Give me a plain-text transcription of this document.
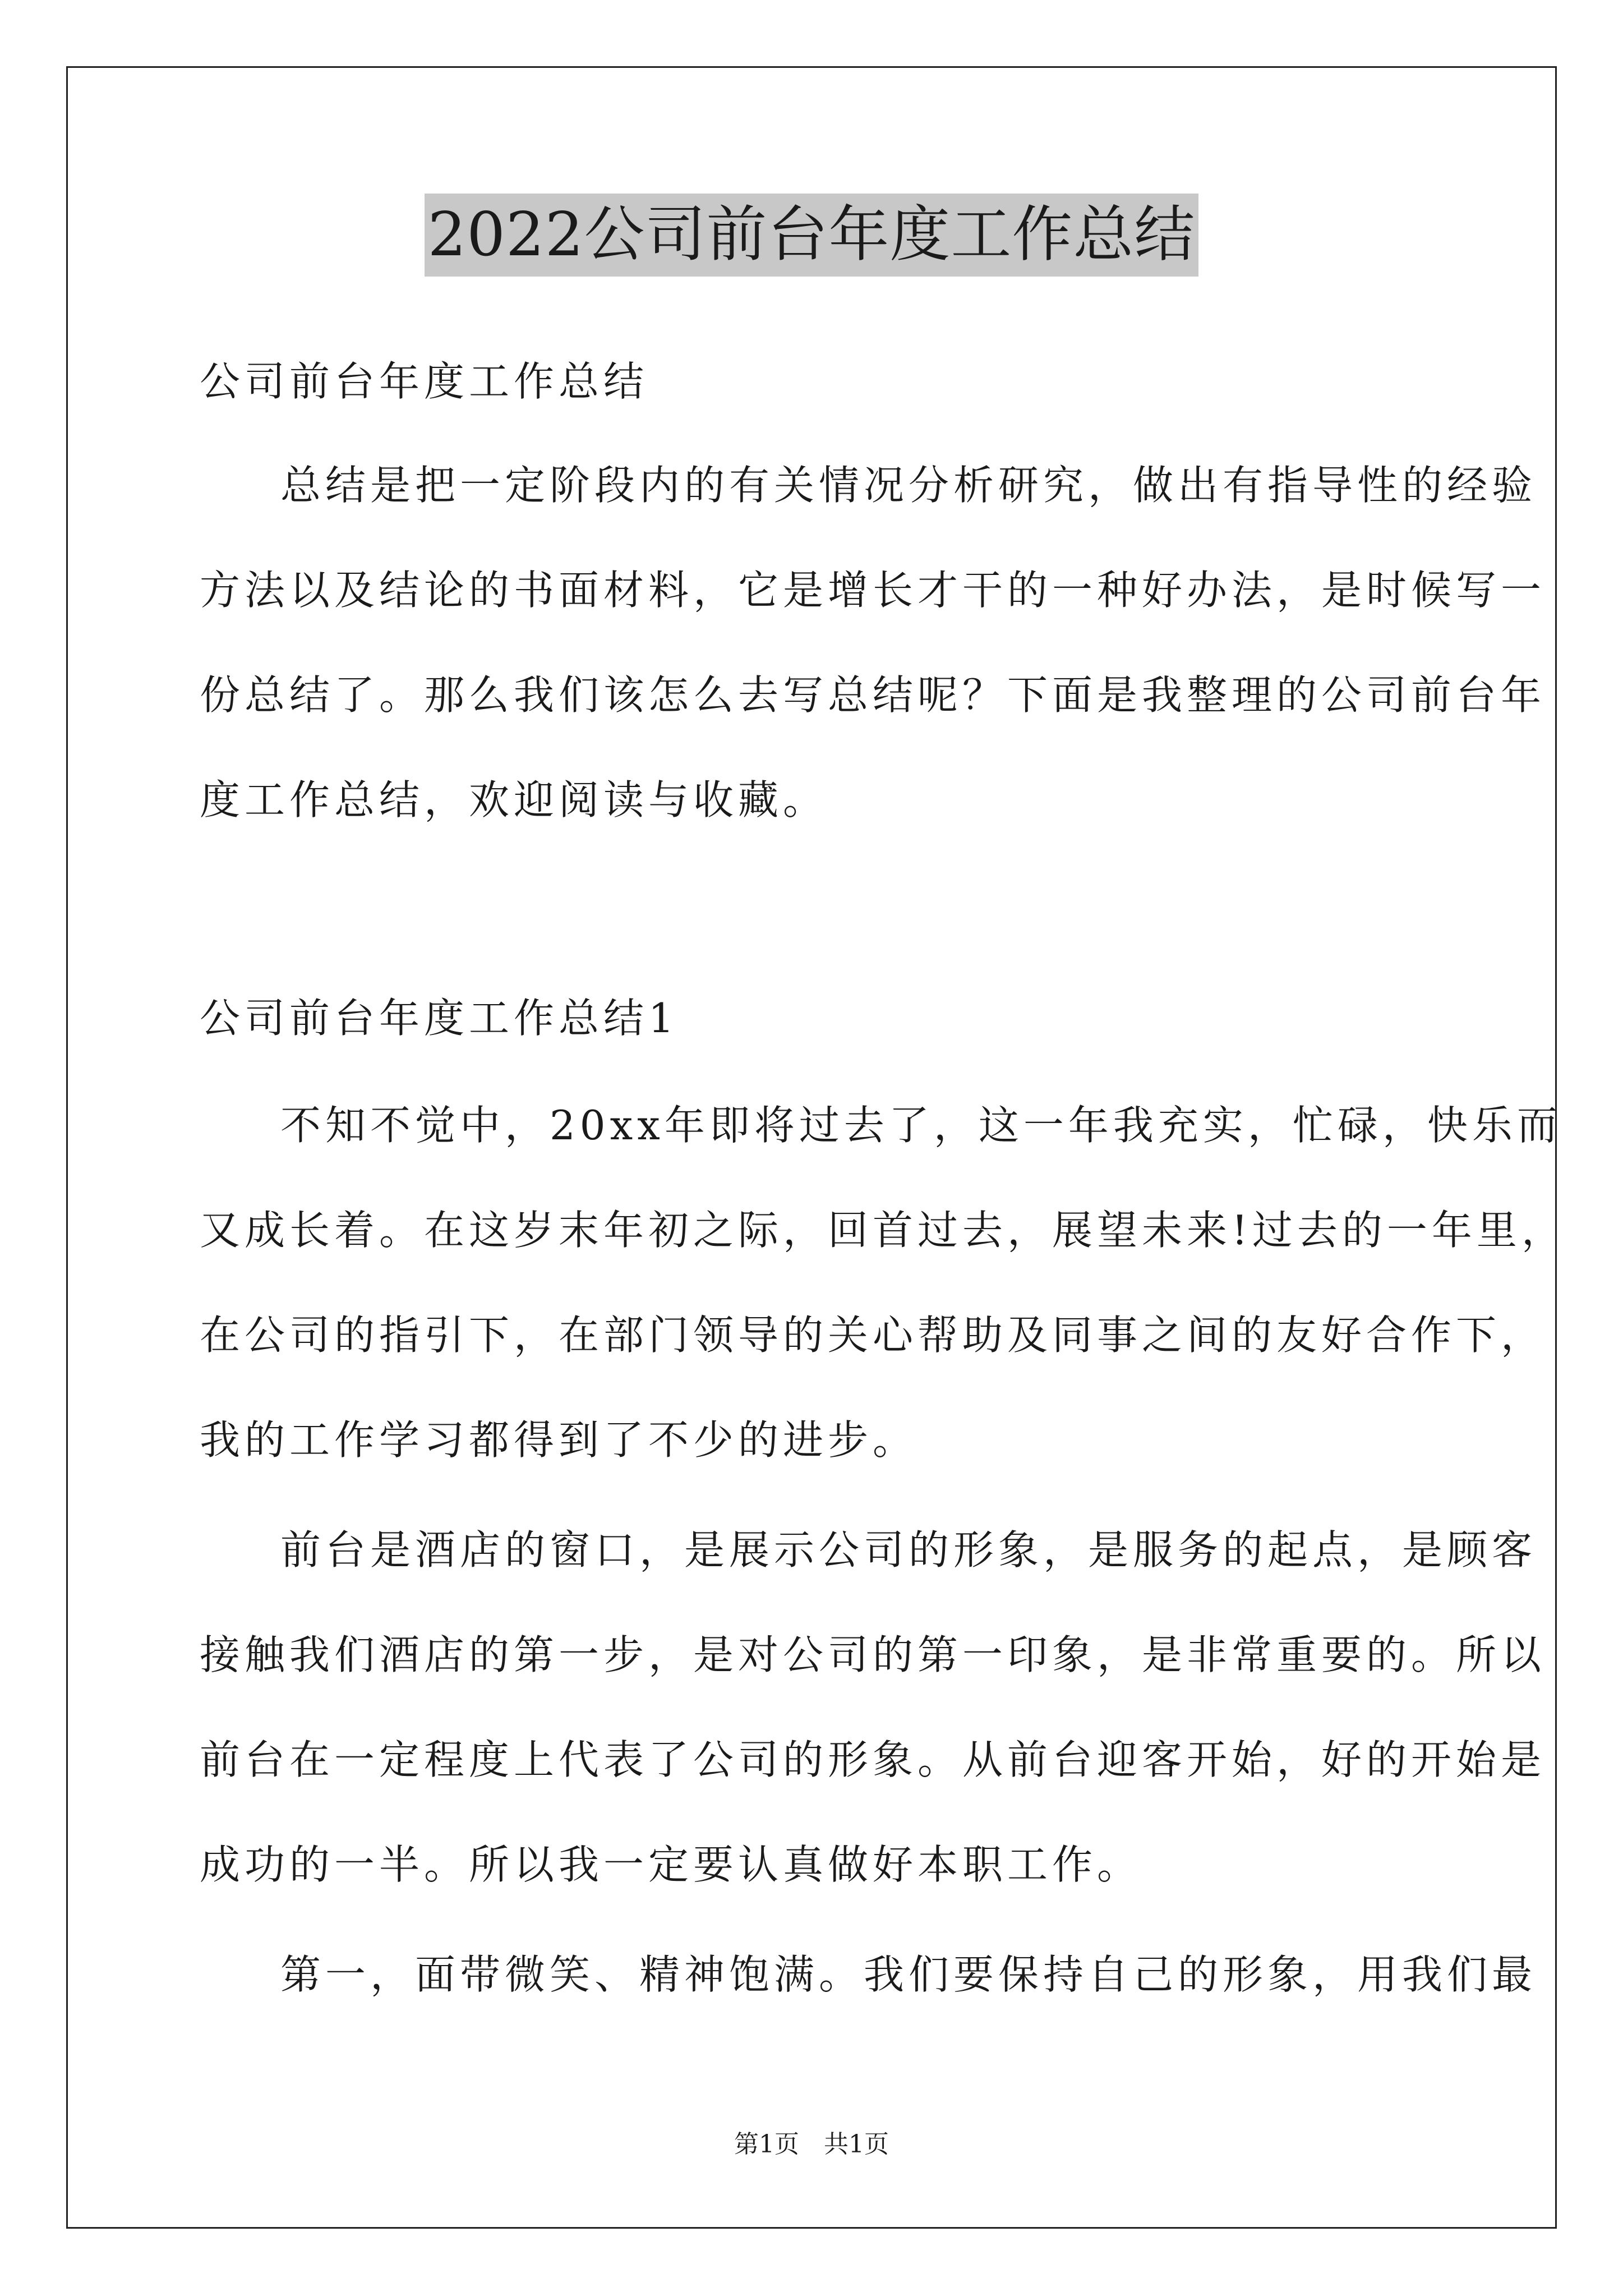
2022公司前台年度工作总结
公司前台年度工作总结
总结是把一定阶段内的有关情况分析研究，做出有指导性的经验
方法以及结论的书面材料，它是增长才干的一种好办法，是时候写一
份总结了。那么我们该怎么去写总结呢？下面是我整理的公司前台年
度工作总结，欢迎阅读与收藏。
公司前台年度工作总结1
不知不觉中，20xx年即将过去了，这一年我充实，忙碌，快乐而
又成长着。在这岁末年初之际，回首过去，展望未来!过去的一年里，
在公司的指引下，在部门领导的关心帮助及同事之间的友好合作下，
我的工作学习都得到了不少的进步。
前台是酒店的窗口，是展示公司的形象，是服务的起点，是顾客
接触我们酒店的第一步，是对公司的第一印象，是非常重要的。所以
前台在一定程度上代表了公司的形象。从前台迎客开始，好的开始是
成功的一半。所以我一定要认真做好本职工作。
第一，面带微笑、精神饱满。我们要保持自己的形象，用我们最
第1页　共1页
